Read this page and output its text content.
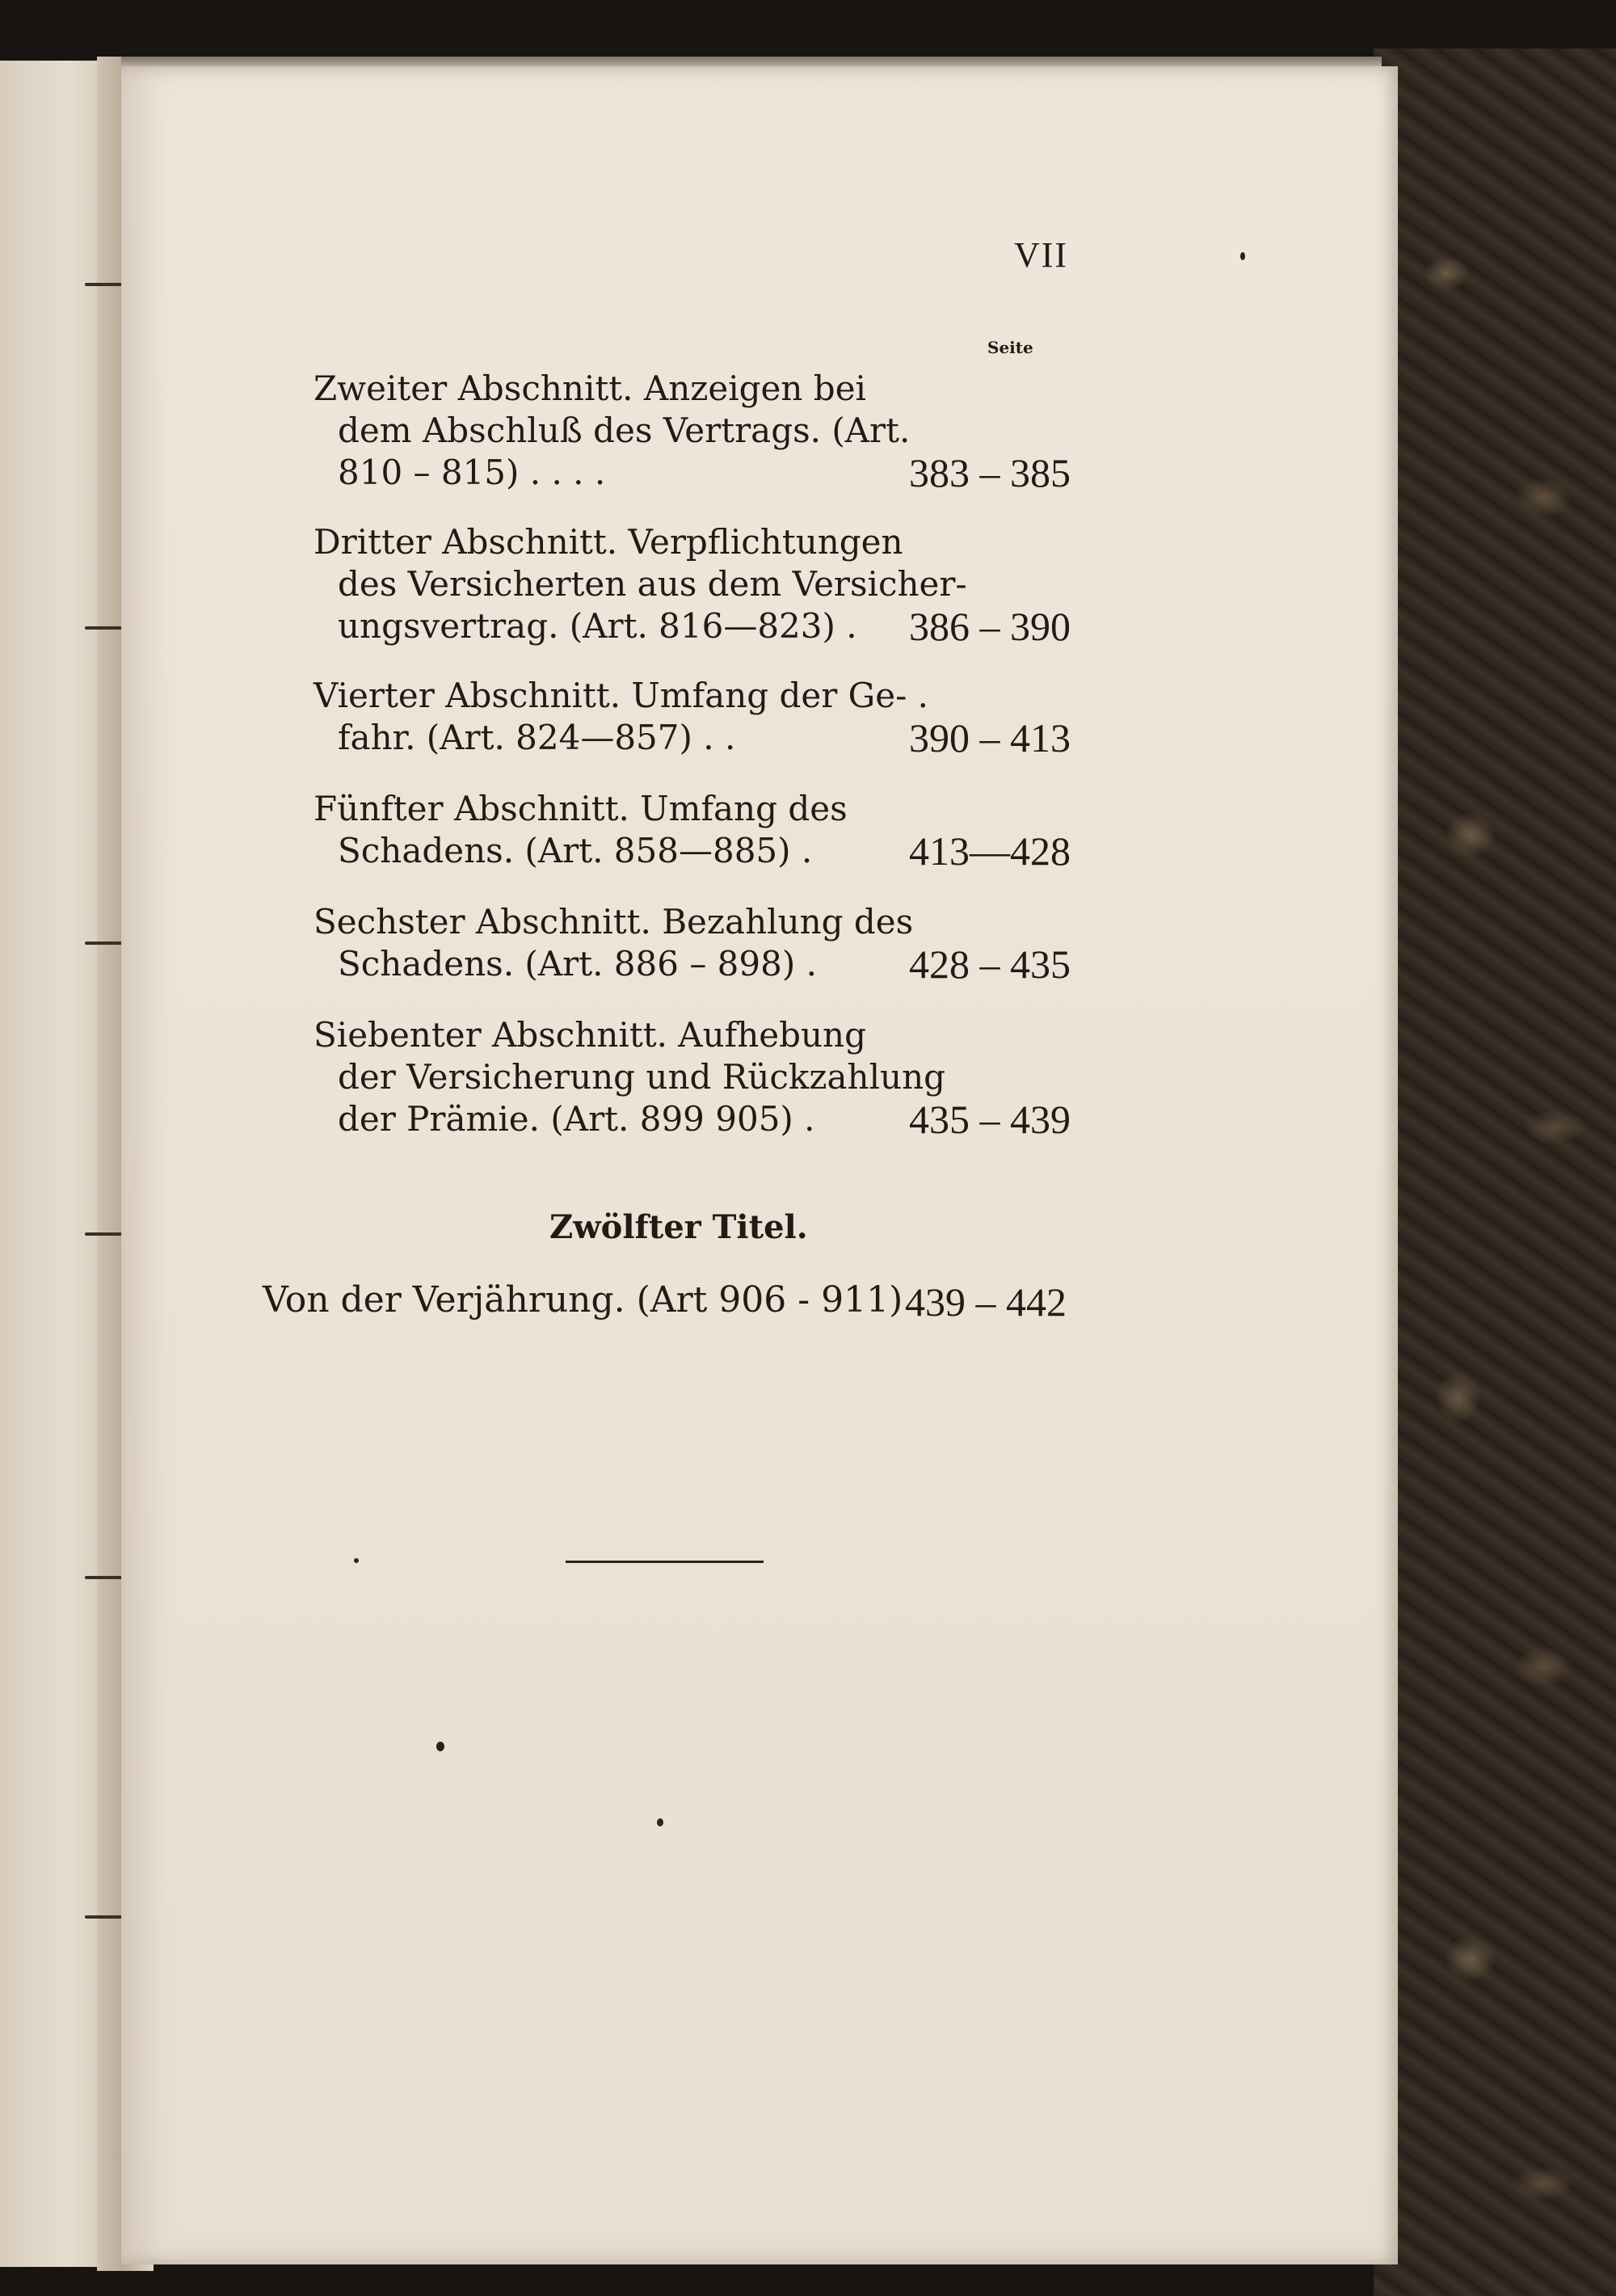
VII
Seite
Zweiter Abschnitt. Anzeigen bei
dem Abschluß des Vertrags. (Art.
810 – 815) . . . .	383 – 385
Dritter Abschnitt. Verpflichtungen
des Versicherten aus dem Versicher-
ungsvertrag. (Art. 816—823) .	386 – 390
Vierter Abschnitt. Umfang der Ge- .
fahr. (Art. 824—857) . .	390 – 413
Fünfter Abschnitt. Umfang des
Schadens. (Art. 858—885) .	413—428
Sechster Abschnitt. Bezahlung des
Schadens. (Art. 886 – 898) .	428 – 435
Siebenter Abschnitt. Aufhebung
der Versicherung und Rückzahlung
der Prämie. (Art. 899 905) .	435 – 439
Zwölfter Titel.
Von der Verjährung. (Art 906 - 911) 439 – 442
